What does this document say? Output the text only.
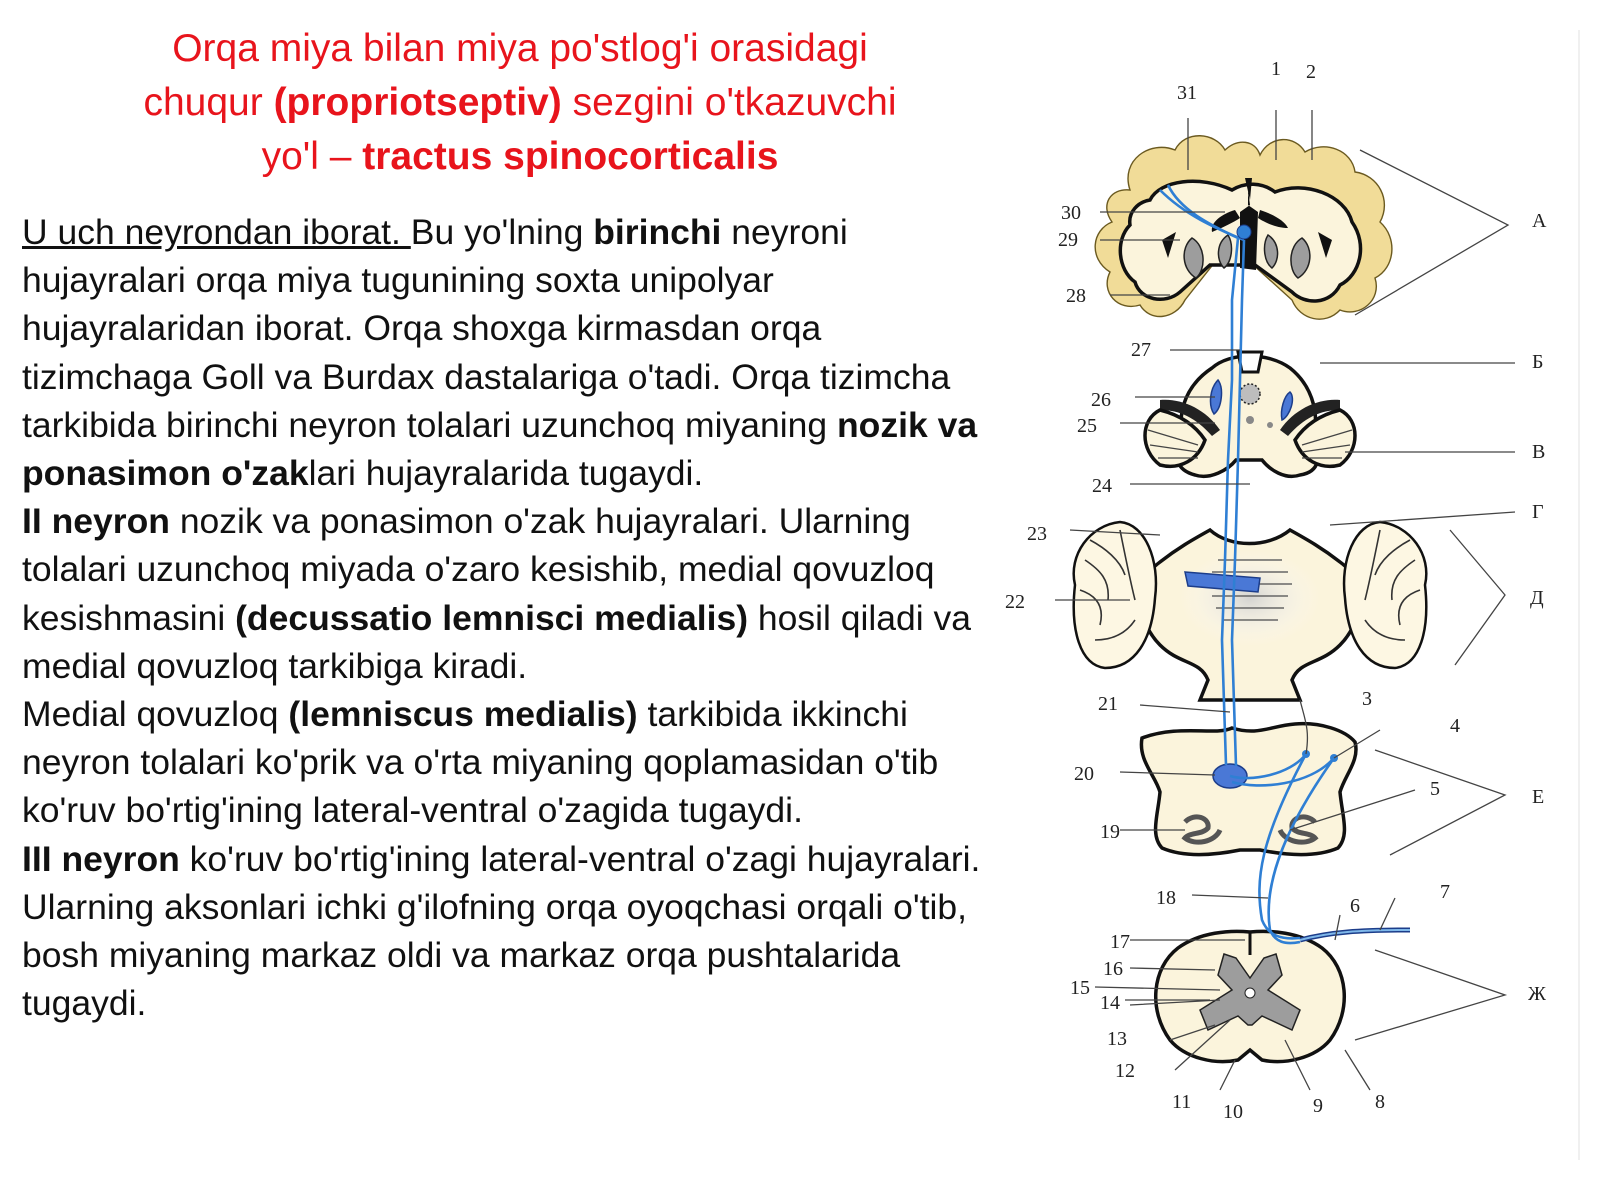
Orqa miya bilan miya po'stlog'i orasidagi
chuqur (propriotseptiv) sezgini o'tkazuvchi
yo'l – tractus spinocorticalis

U uch neyrondan iborat. Bu yo'lning birinchi neyroni hujayralari orqa miya tugunining soxta unipolyar hujayralaridan iborat. Orqa shoxga kirmasdan orqa tizimchaga Goll va Burdax dastalariga o'tadi. Orqa tizimcha tarkibida birinchi neyron tolalari uzunchoq miyaning nozik va ponasimon o'zaklari hujayralarida tugaydi.

II neyron nozik va ponasimon o'zak hujayralari. Ularning tolalari uzunchoq miyada o'zaro kesishib, medial qovuzloq kesishmasini (decussatio lemnisci medialis) hosil qiladi va medial qovuzloq tarkibiga kiradi.

Medial qovuzloq (lemniscus medialis) tarkibida ikkinchi neyron tolalari ko'prik va o'rta miyaning qoplamasidan o'tib ko'ruv bo'rtig'ining lateral-ventral o'zagida tugaydi.

III neyron ko'ruv bo'rtig'ining lateral-ventral o'zagi hujayralari. Ularning aksonlari ichki g'ilofning orqa oyoqchasi orqali o'tib, bosh miyaning markaz oldi va markaz orqa pushtalarida tugaydi.

1 2
3
4
5
6
7
8
9
10
11
12
13
14
15
16
17
18
19
20
21
22
23
24
25
26
27
28
29
30
31
А
Б
В
Г
Д
Е
Ж
